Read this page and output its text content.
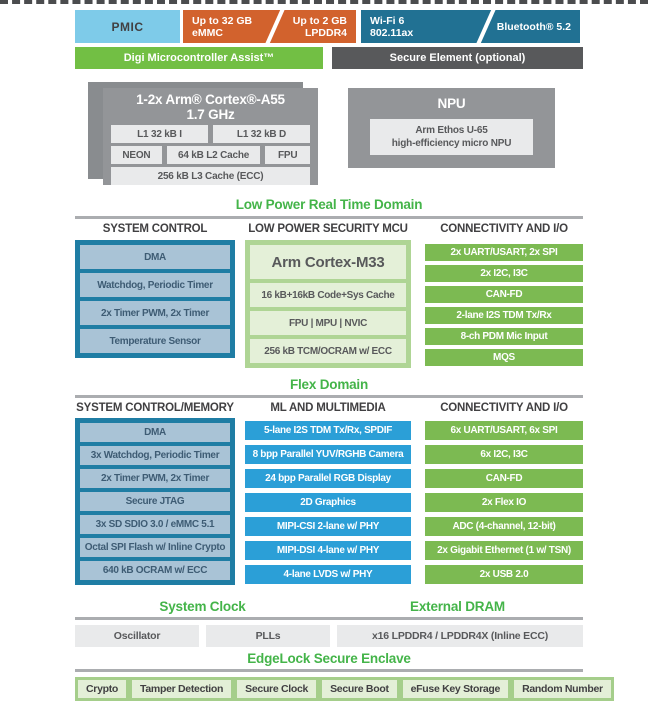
PMIC	Up to 32 GB
eMMC
Up to 2 GB
LPDDR4
Wi-Fi 6
802.11ax	Bluetooth® 5.2
Digi Microcontroller Assist™	Secure Element (optional)
1-2x Arm® Cortex®-A55
1.7 GHz
L1 32 kB I	L1 32 kB D
NEON	64 kB L2 Cache	FPU
256 kB L3 Cache (ECC)
NPU
Arm Ethos U-65
high-efficiency micro NPU
Low Power Real Time Domain
SYSTEM CONTROL	LOW POWER SECURITY MCU	CONNECTIVITY AND I/O
DMA
Watchdog, Periodic Timer
2x Timer PWM, 2x Timer
Temperature Sensor
Arm Cortex-M33
16 kB+16kB Code+Sys Cache
FPU | MPU | NVIC
256 kB TCM/OCRAM w/ ECC
2x UART/USART, 2x SPI
2x I2C, I3C
CAN-FD
2-lane I2S TDM Tx/Rx
8-ch PDM Mic Input
MQS
Flex Domain
SYSTEM CONTROL/MEMORY	ML AND MULTIMEDIA	CONNECTIVITY AND I/O
DMA
3x Watchdog, Periodic Timer
2x Timer PWM, 2x Timer
Secure JTAG
3x SD SDIO 3.0 / eMMC 5.1
Octal SPI Flash w/ Inline Crypto
640 kB OCRAM w/ ECC
5-lane I2S TDM Tx/Rx, SPDIF
8 bpp Parallel YUV/RGHB Camera
24 bpp Parallel RGB Display
2D Graphics
MIPI-CSI 2-lane w/ PHY
MIPI-DSI 4-lane w/ PHY
4-lane LVDS w/ PHY
6x UART/USART, 6x SPI
6x I2C, I3C
CAN-FD
2x Flex IO
ADC (4-channel, 12-bit)
2x Gigabit Ethernet (1 w/ TSN)
2x USB 2.0
System Clock	External DRAM
Oscillator	PLLs	x16 LPDDR4 / LPDDR4X (Inline ECC)
EdgeLock Secure Enclave
Crypto	Tamper Detection	Secure Clock	Secure Boot	eFuse Key Storage	Random Number
